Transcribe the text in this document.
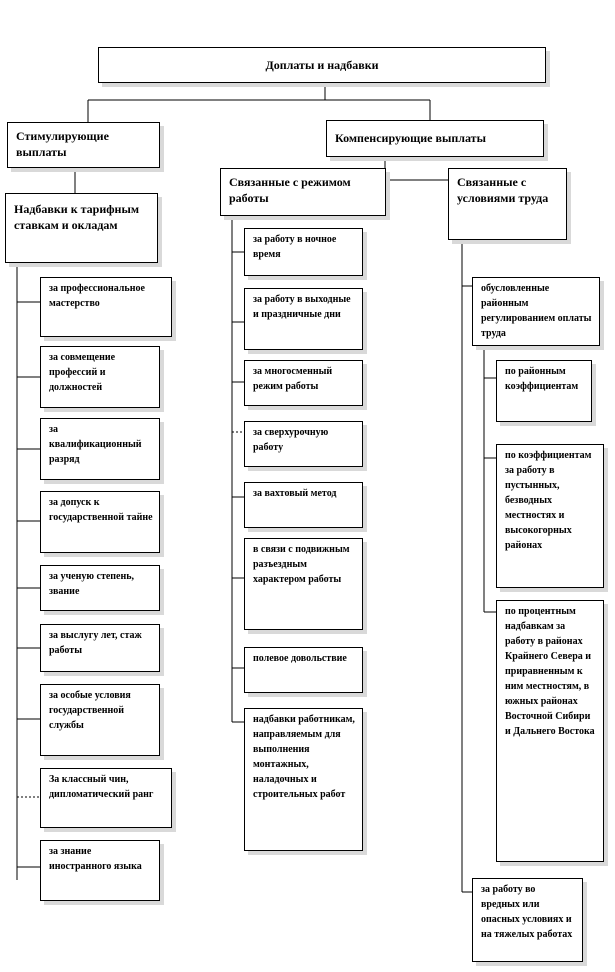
Доплаты и надбавки
Стимулирующие выплаты
Компенсирующие выплаты
Надбавки к тарифным ставкам и окладам
Связанные с режимом работы
Связанные с условиями труда
обусловленные районным регулированием оплаты труда
за профессиональное мастерство
за совмещение профессий и должностей
за квалификационный разряд
за допуск к государственной тайне
за ученую степень, звание
за выслугу лет, стаж работы
за особые условия государственной службы
За классный чин, дипломатический ранг
за знание иностранного языка
за работу в ночное время
за работу в выходные и праздничные дни
за многосменный режим работы
за сверхурочную работу
за вахтовый метод
в связи с подвижным разъездным характером работы
полевое довольствие
надбавки работникам, направляемым для выполнения монтажных, наладочных и строительных работ
по районным коэффициентам
по коэффициентам за работу в пустынных, безводных местностях и высокогорных районах
по процентным надбавкам за работу в районах Крайнего Севера и приравненным к ним местностям, в южных районах Восточной Сибири и Дальнего Востока
за работу во вредных или опасных условиях и на тяжелых работах
